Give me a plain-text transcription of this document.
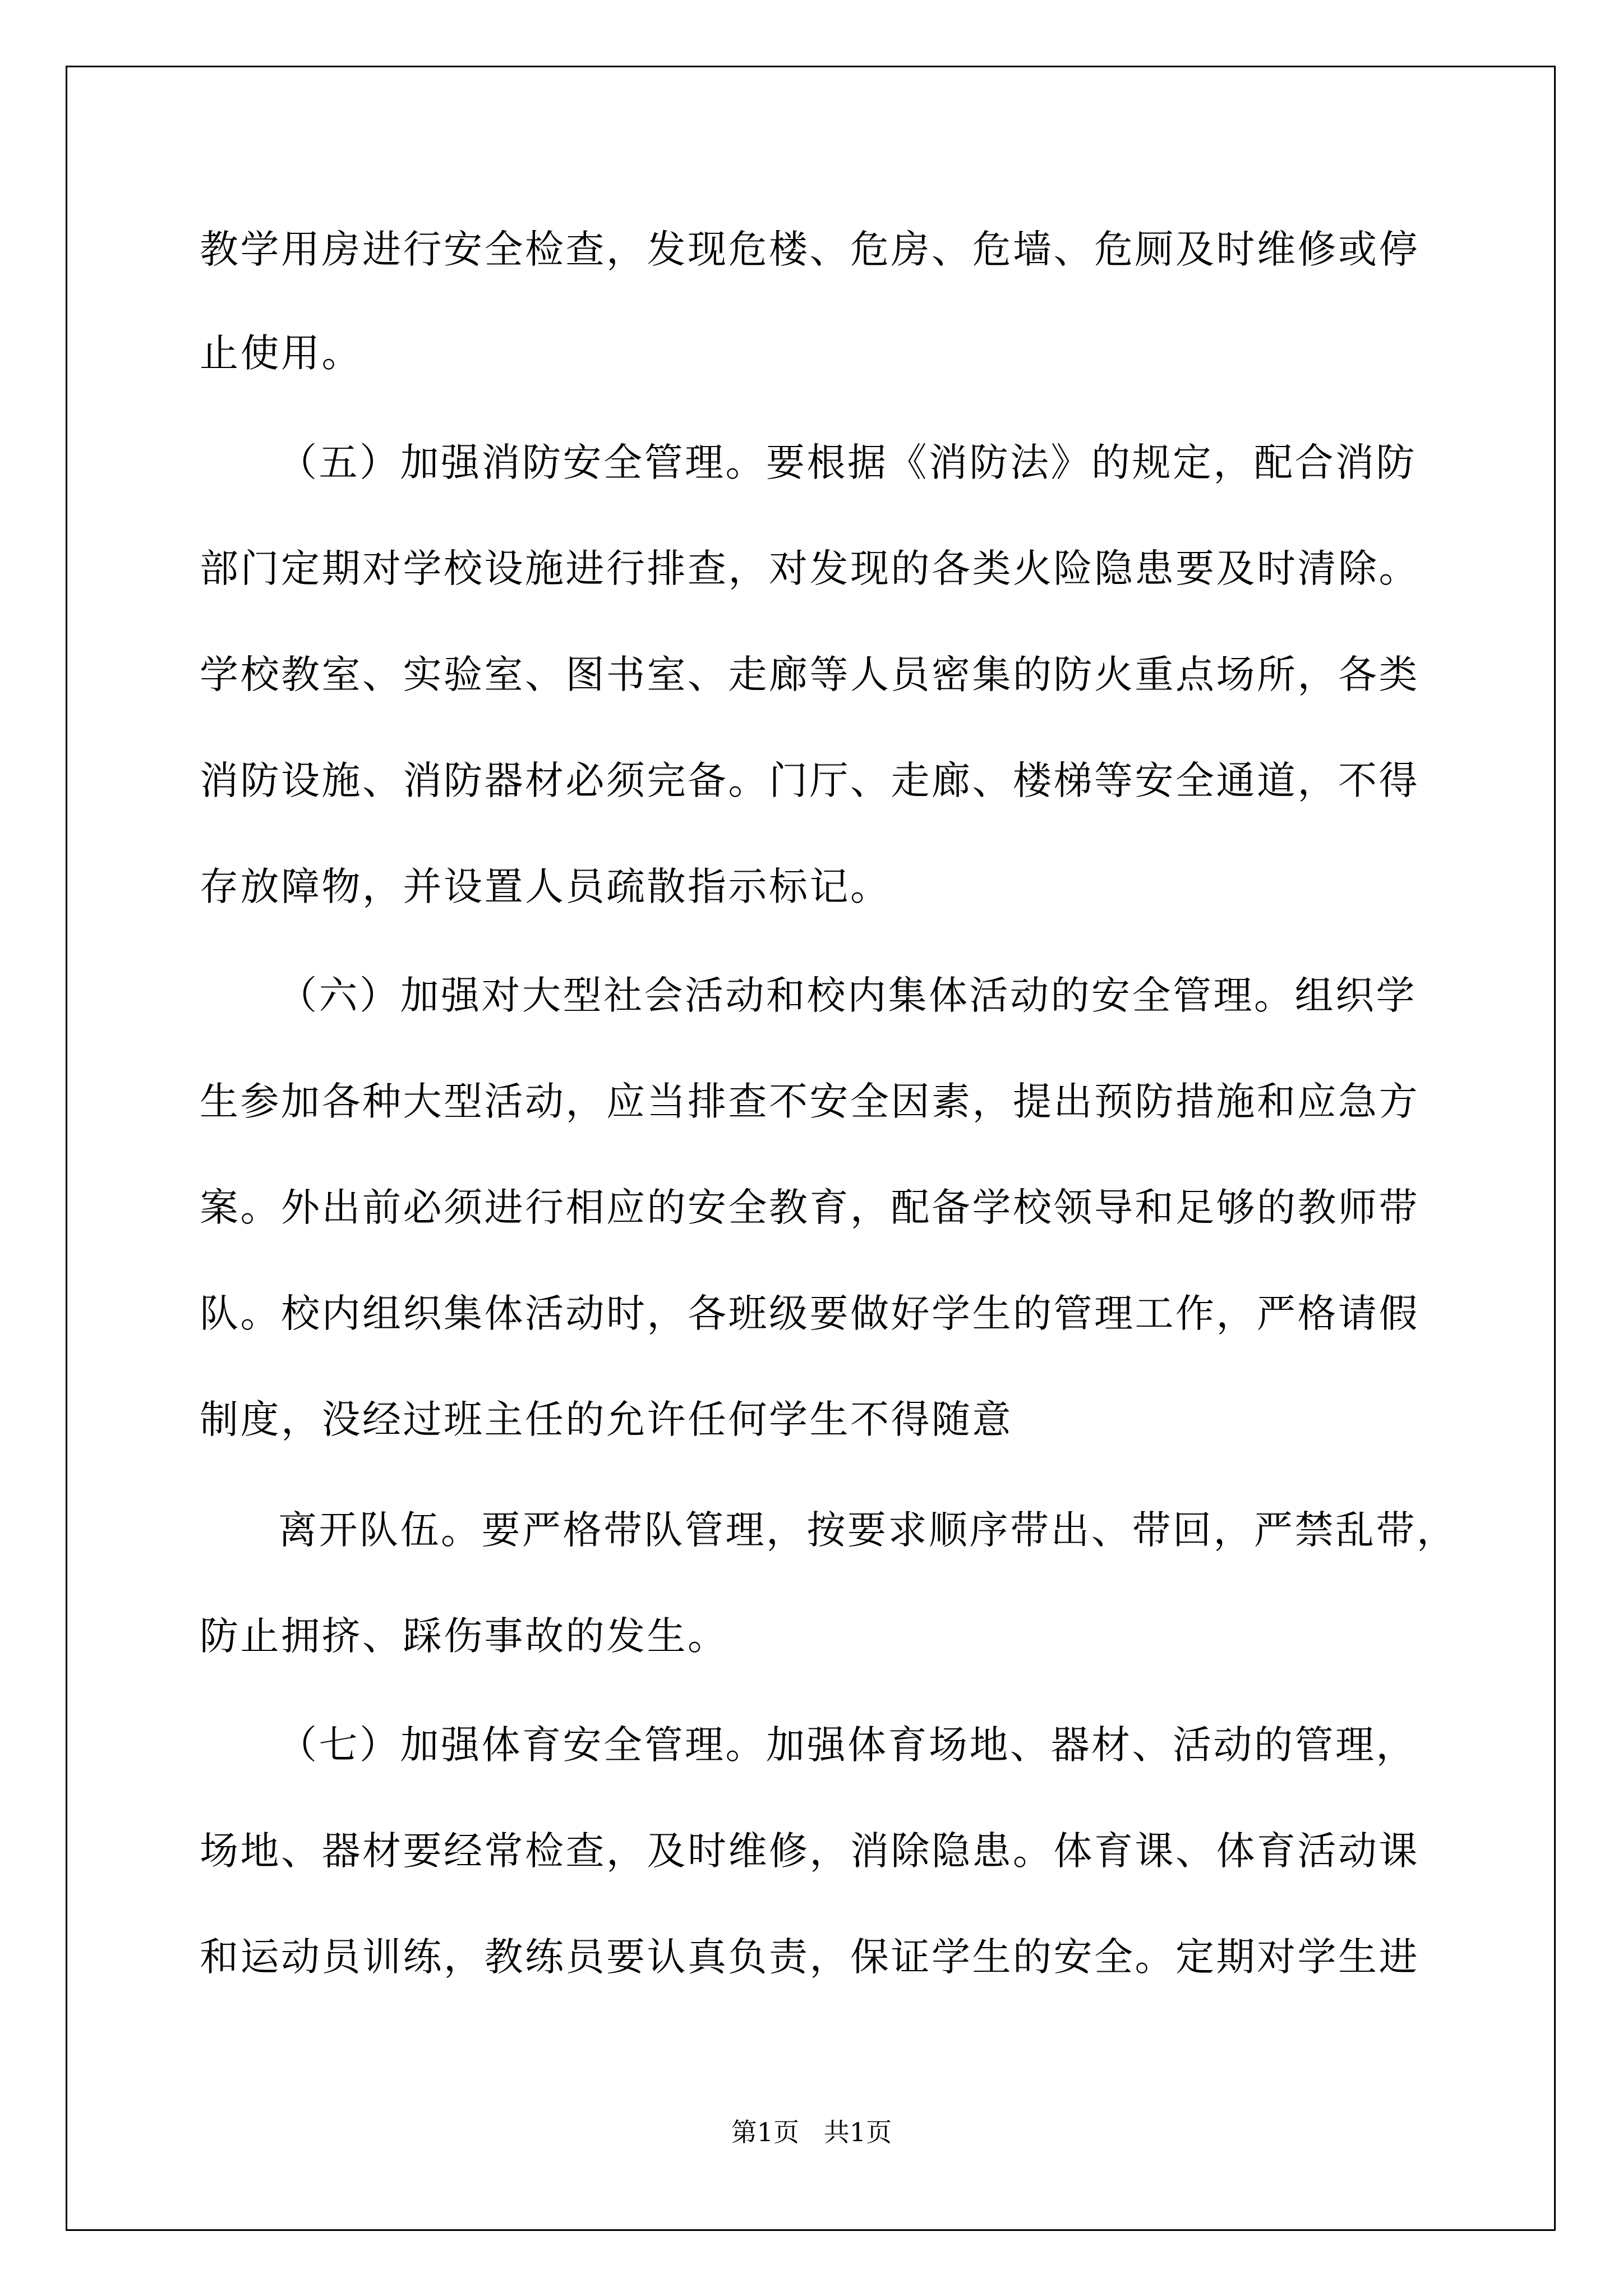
教学用房进行安全检查，发现危楼、危房、危墙、危厕及时维修或停

止使用。

（五）加强消防安全管理。要根据《消防法》的规定，配合消防

部门定期对学校设施进行排查，对发现的各类火险隐患要及时清除。

学校教室、实验室、图书室、走廊等人员密集的防火重点场所，各类

消防设施、消防器材必须完备。门厅、走廊、楼梯等安全通道，不得

存放障物，并设置人员疏散指示标记。

（六）加强对大型社会活动和校内集体活动的安全管理。组织学

生参加各种大型活动，应当排查不安全因素，提出预防措施和应急方

案。外出前必须进行相应的安全教育，配备学校领导和足够的教师带

队。校内组织集体活动时，各班级要做好学生的管理工作，严格请假

制度，没经过班主任的允许任何学生不得随意

离开队伍。要严格带队管理，按要求顺序带出、带回，严禁乱带，

防止拥挤、踩伤事故的发生。

（七）加强体育安全管理。加强体育场地、器材、活动的管理，

场地、器材要经常检查，及时维修，消除隐患。体育课、体育活动课

和运动员训练，教练员要认真负责，保证学生的安全。定期对学生进

第1页   共1页
